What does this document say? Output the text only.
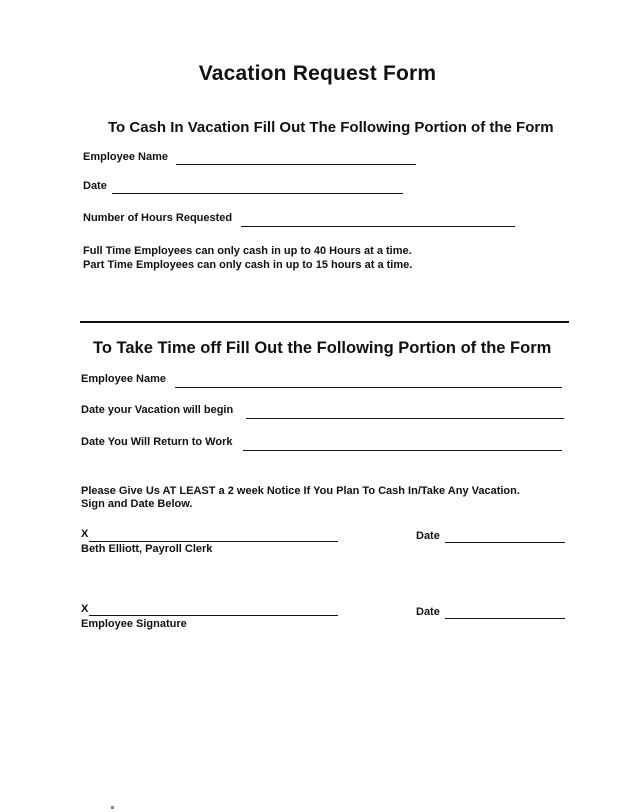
Vacation Request Form
To Cash In Vacation Fill Out The Following Portion of the Form
Employee Name
Date
Number of Hours Requested
Full Time Employees can only cash in up to 40 Hours at a time.
Part Time Employees can only cash in up to 15 hours at a time.
To Take Time off Fill Out the Following Portion of the Form
Employee Name
Date your Vacation will begin
Date You Will Return to Work
Please Give Us AT LEAST a 2 week Notice If You Plan To Cash In/Take Any Vacation.
Sign and Date Below.
X
Beth Elliott, Payroll Clerk
Date
X
Employee Signature
Date
